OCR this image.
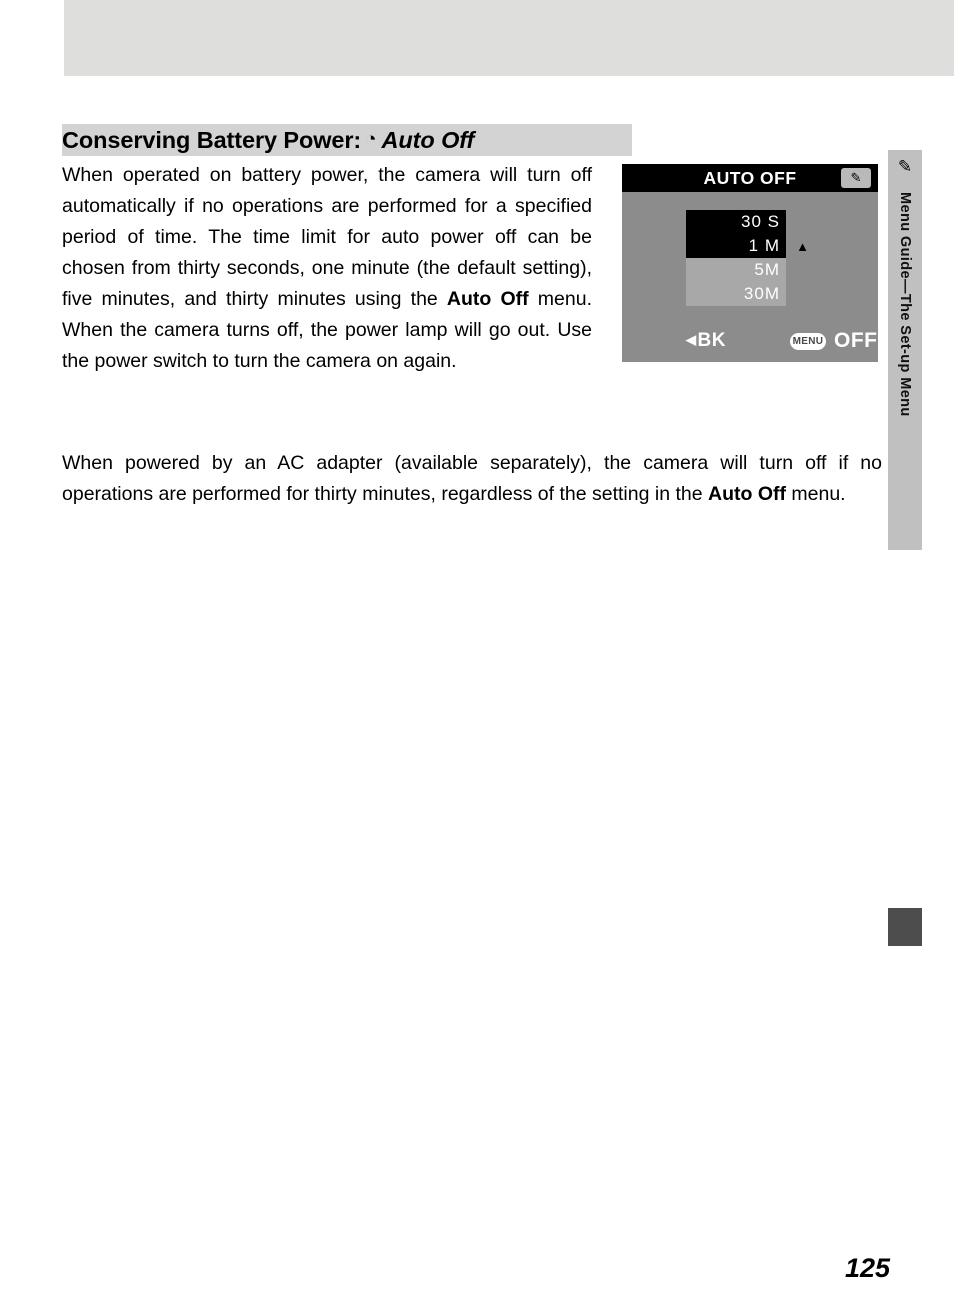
✎
Menu Guide—The Set-up Menu
Conserving Battery Power: ◔ Auto Off
When operated on battery power, the camera will turn off automatically if no operations are performed for a specified period of time. The time limit for auto power off can be chosen from thirty seconds, one minute (the default setting), five minutes, and thirty minutes using the Auto Off menu. When the camera turns off, the power lamp will go out. Use the power switch to turn the camera on again.
When powered by an AC adapter (available separately), the camera will turn off if no operations are performed for thirty minutes, regardless of the setting in the Auto Off menu.
AUTO OFF	✎
30 S
1 M ▲
5M
30M
◀BK	MENU OFF
125
